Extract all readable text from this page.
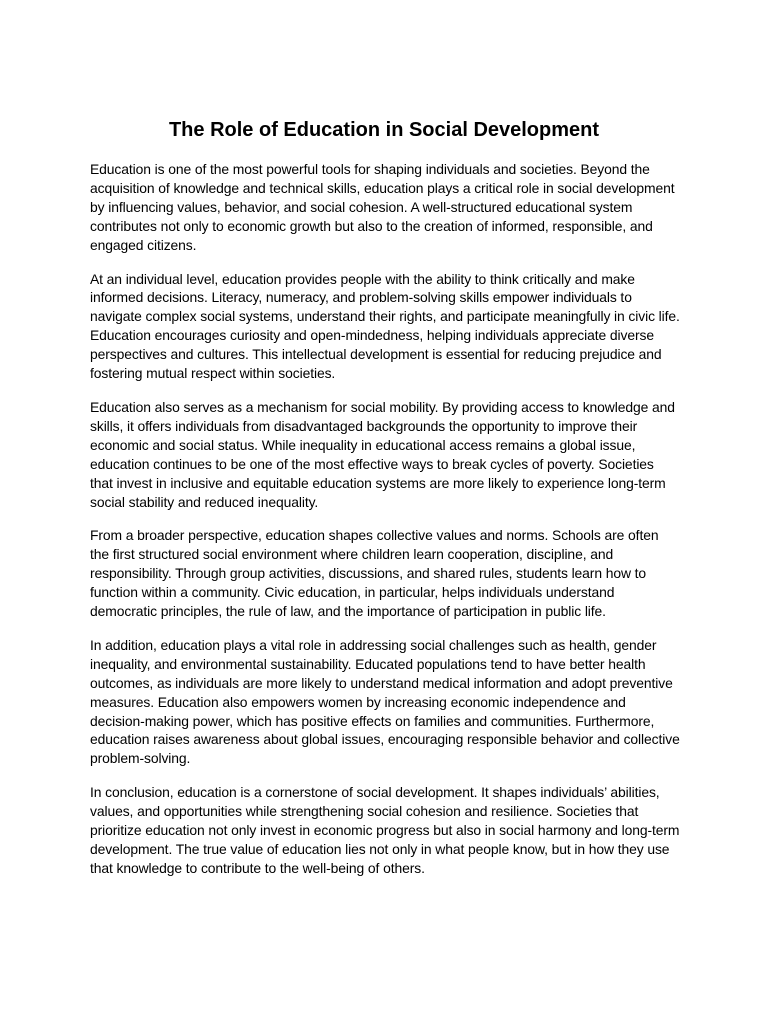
The Role of Education in Social Development

Education is one of the most powerful tools for shaping individuals and societies. Beyond the acquisition of knowledge and technical skills, education plays a critical role in social development by influencing values, behavior, and social cohesion. A well-structured educational system contributes not only to economic growth but also to the creation of informed, responsible, and engaged citizens.

At an individual level, education provides people with the ability to think critically and make informed decisions. Literacy, numeracy, and problem-solving skills empower individuals to navigate complex social systems, understand their rights, and participate meaningfully in civic life. Education encourages curiosity and open-mindedness, helping individuals appreciate diverse perspectives and cultures. This intellectual development is essential for reducing prejudice and fostering mutual respect within societies.

Education also serves as a mechanism for social mobility. By providing access to knowledge and skills, it offers individuals from disadvantaged backgrounds the opportunity to improve their economic and social status. While inequality in educational access remains a global issue, education continues to be one of the most effective ways to break cycles of poverty. Societies that invest in inclusive and equitable education systems are more likely to experience long-term social stability and reduced inequality.

From a broader perspective, education shapes collective values and norms. Schools are often the first structured social environment where children learn cooperation, discipline, and responsibility. Through group activities, discussions, and shared rules, students learn how to function within a community. Civic education, in particular, helps individuals understand democratic principles, the rule of law, and the importance of participation in public life.

In addition, education plays a vital role in addressing social challenges such as health, gender inequality, and environmental sustainability. Educated populations tend to have better health outcomes, as individuals are more likely to understand medical information and adopt preventive measures. Education also empowers women by increasing economic independence and decision-making power, which has positive effects on families and communities. Furthermore, education raises awareness about global issues, encouraging responsible behavior and collective problem-solving.

In conclusion, education is a cornerstone of social development. It shapes individuals’ abilities, values, and opportunities while strengthening social cohesion and resilience. Societies that prioritize education not only invest in economic progress but also in social harmony and long-term development. The true value of education lies not only in what people know, but in how they use that knowledge to contribute to the well-being of others.
